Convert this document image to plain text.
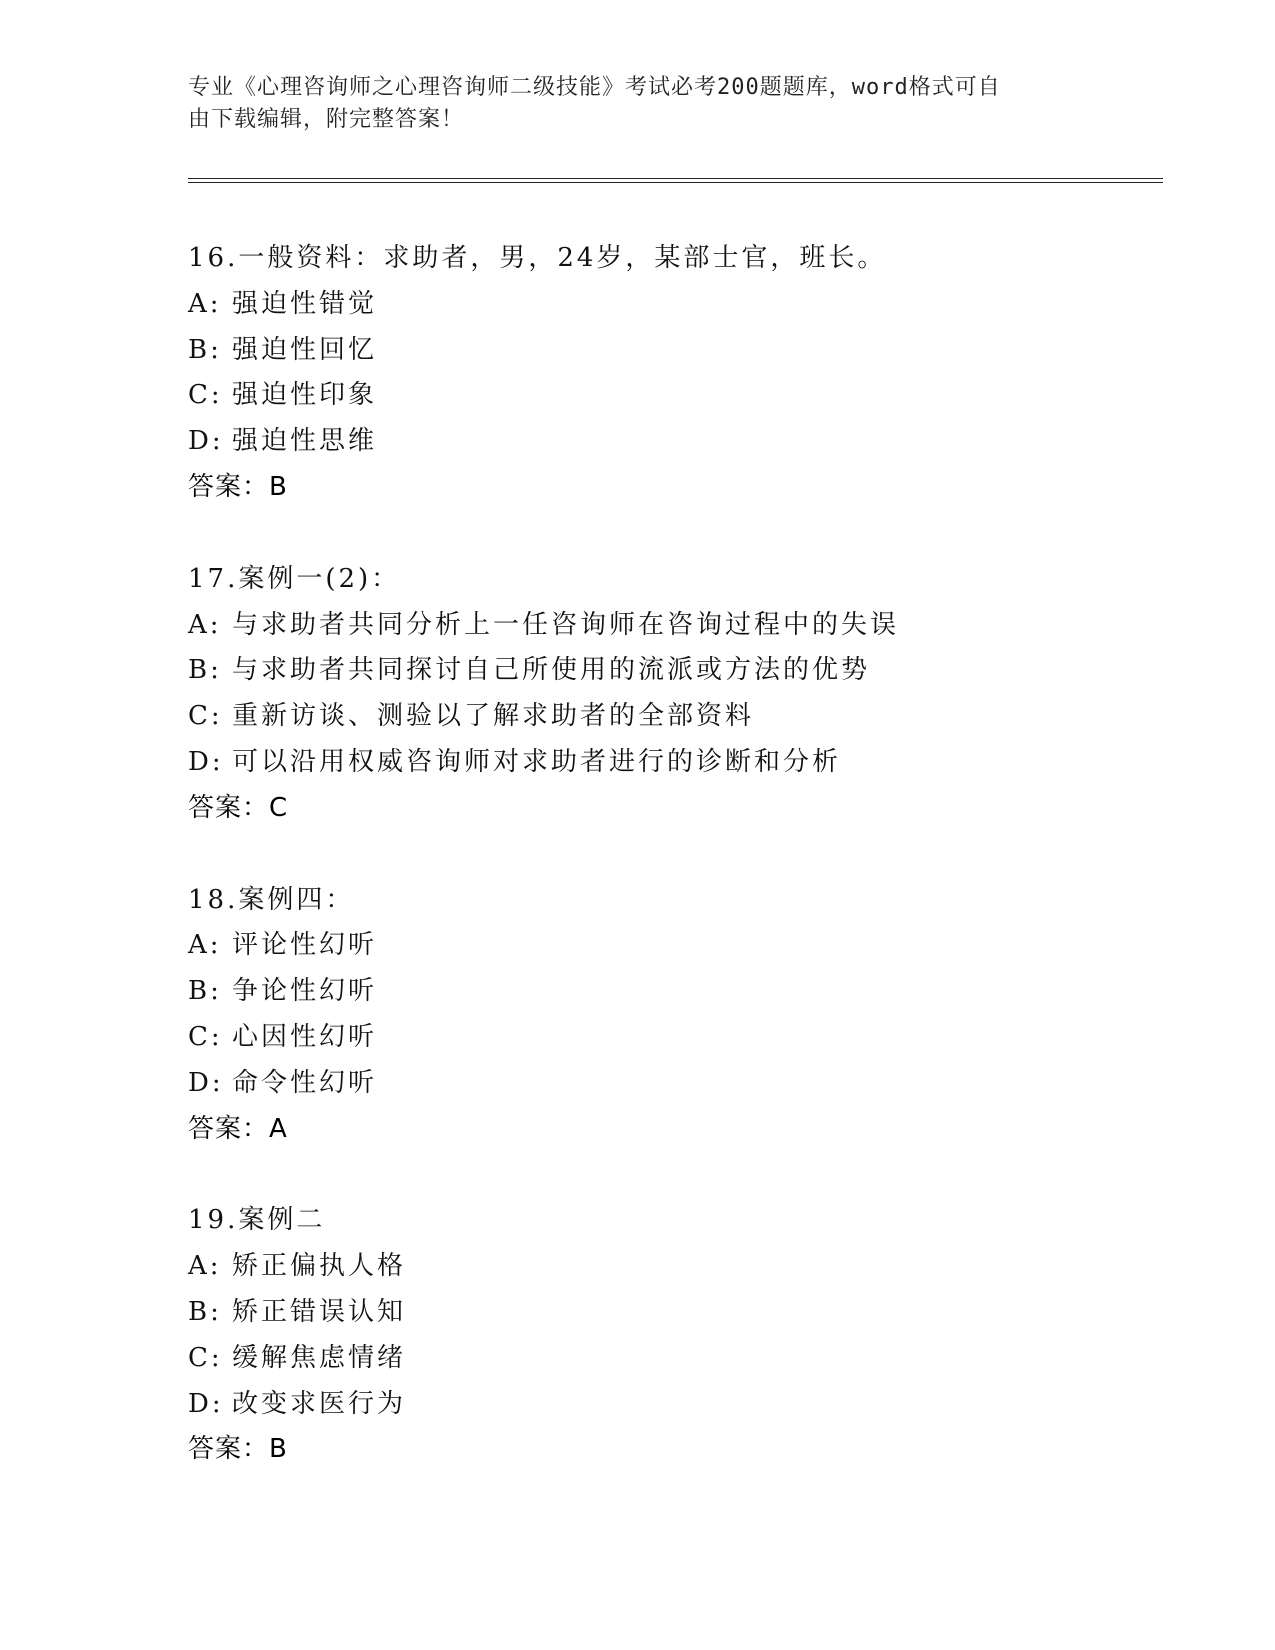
专业《心理咨询师之心理咨询师二级技能》考试必考200题题库，word格式可自
由下载编辑，附完整答案！
16.一般资料：求助者，男，24岁，某部士官，班长。
A: 强迫性错觉
B: 强迫性回忆
C: 强迫性印象
D: 强迫性思维
答案：B
17.案例一(2)：
A: 与求助者共同分析上一任咨询师在咨询过程中的失误
B: 与求助者共同探讨自己所使用的流派或方法的优势
C: 重新访谈、测验以了解求助者的全部资料
D: 可以沿用权威咨询师对求助者进行的诊断和分析
答案：C
18.案例四：
A: 评论性幻听
B: 争论性幻听
C: 心因性幻听
D: 命令性幻听
答案：A
19.案例二
A: 矫正偏执人格
B: 矫正错误认知
C: 缓解焦虑情绪
D: 改变求医行为
答案：B
